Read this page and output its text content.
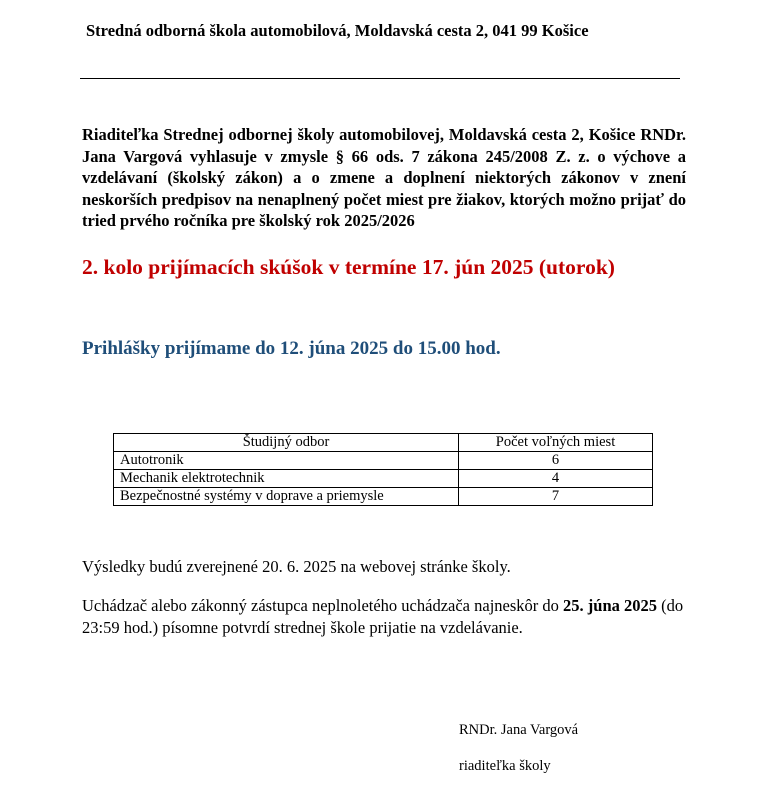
Stredná odborná škola automobilová, Moldavská cesta 2, 041 99 Košice
Riaditeľka Strednej odbornej školy automobilovej, Moldavská cesta 2, Košice RNDr. Jana Vargová vyhlasuje v zmysle § 66 ods. 7 zákona 245/2008 Z. z. o výchove a vzdelávaní (školský zákon) a o zmene a doplnení niektorých zákonov v znení neskorších predpisov na nenaplnený počet miest pre žiakov, ktorých možno prijať do tried prvého ročníka pre školský rok 2025/2026
2. kolo prijímacích skúšok v termíne 17. jún 2025 (utorok)
Prihlášky prijímame do 12. júna 2025 do 15.00 hod.
Študijný odbor	Počet voľných miest
Autotronik	6
Mechanik elektrotechnik	4
Bezpečnostné systémy v doprave a priemysle	7
Výsledky budú zverejnené 20. 6. 2025 na webovej stránke školy.
Uchádzač alebo zákonný zástupca neplnoletého uchádzača najneskôr do 25. júna 2025 (do 23:59 hod.) písomne potvrdí strednej škole prijatie na vzdelávanie.
RNDr. Jana Vargová
riaditeľka školy
